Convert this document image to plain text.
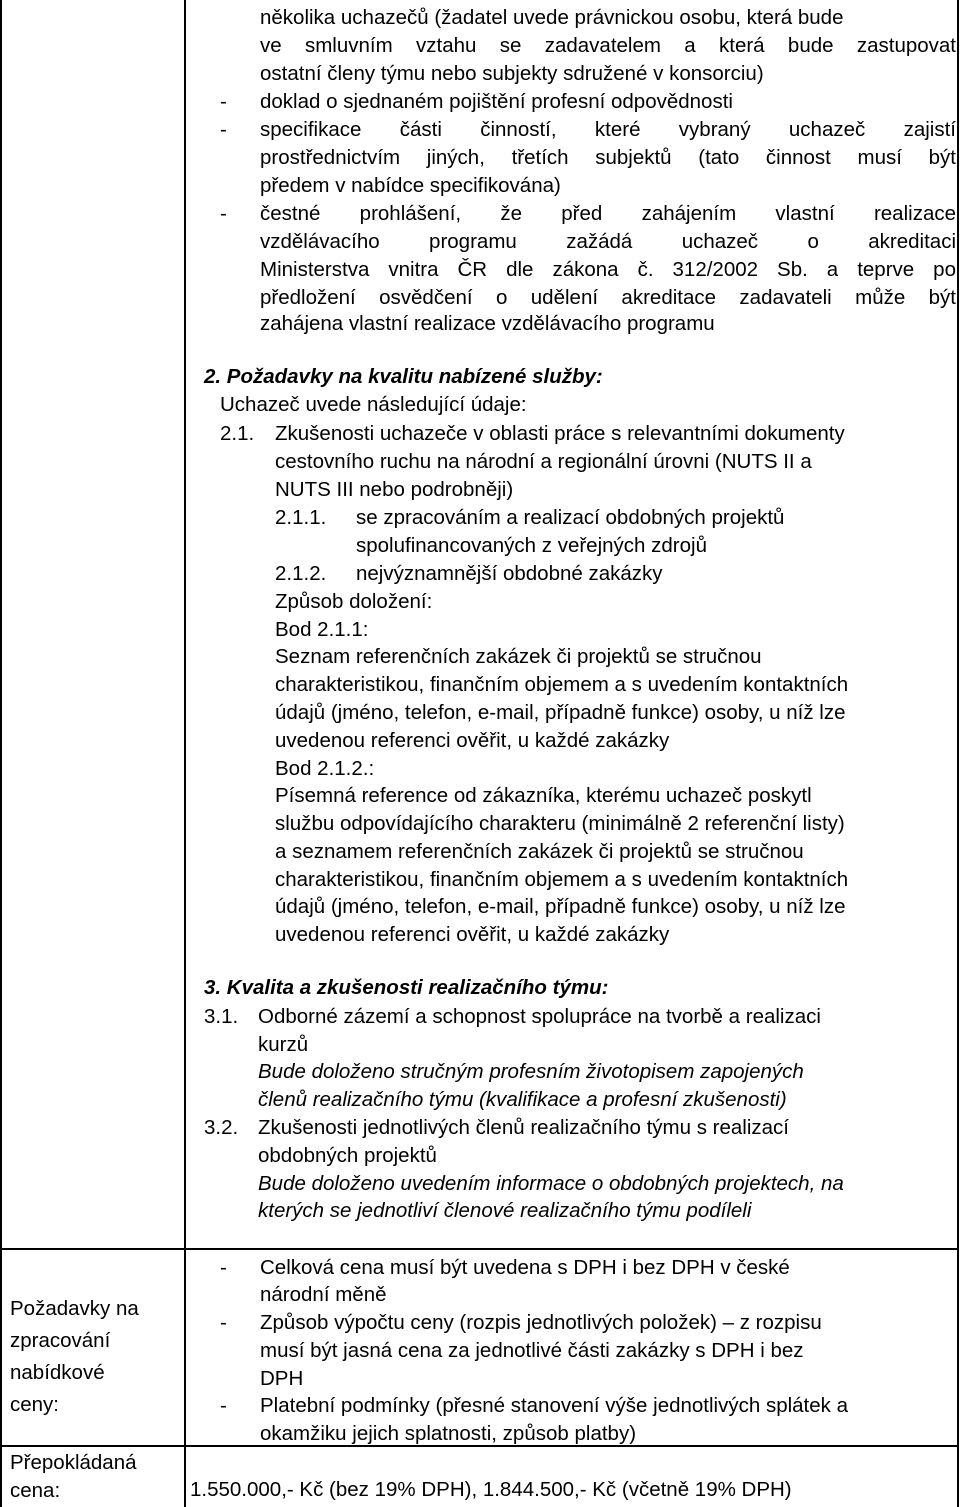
několika uchazečů (žadatel uvede právnickou osobu, která bude
ve smluvním vztahu se zadavatelem a která bude zastupovat
ostatní členy týmu nebo subjekty sdružené v konsorciu)
- doklad o sjednaném pojištění profesní odpovědnosti
- specifikace části činností, které vybraný uchazeč zajistí
prostřednictvím jiných, třetích subjektů (tato činnost musí být
předem v nabídce specifikována)
- čestné prohlášení, že před zahájením vlastní realizace
vzdělávacího programu zažádá uchazeč o akreditaci
Ministerstva vnitra ČR dle zákona č. 312/2002 Sb. a teprve po
předložení osvědčení o udělení akreditace zadavateli může být
zahájena vlastní realizace vzdělávacího programu
2. Požadavky na kvalitu nabízené služby:
Uchazeč uvede následující údaje:
2.1. Zkušenosti uchazeče v oblasti práce s relevantními dokumenty
cestovního ruchu na národní a regionální úrovni (NUTS II a
NUTS III nebo podrobněji)
2.1.1. se zpracováním a realizací obdobných projektů
spolufinancovaných z veřejných zdrojů
2.1.2. nejvýznamnější obdobné zakázky
Způsob doložení:
Bod 2.1.1:
Seznam referenčních zakázek či projektů se stručnou
charakteristikou, finančním objemem a s uvedením kontaktních
údajů (jméno, telefon, e-mail, případně funkce) osoby, u níž lze
uvedenou referenci ověřit, u každé zakázky
Bod 2.1.2.:
Písemná reference od zákazníka, kterému uchazeč poskytl
službu odpovídajícího charakteru (minimálně 2 referenční listy)
a seznamem referenčních zakázek či projektů se stručnou
charakteristikou, finančním objemem a s uvedením kontaktních
údajů (jméno, telefon, e-mail, případně funkce) osoby, u níž lze
uvedenou referenci ověřit, u každé zakázky
3. Kvalita a zkušenosti realizačního týmu:
3.1. Odborné zázemí a schopnost spolupráce na tvorbě a realizaci
kurzů
Bude doloženo stručným profesním životopisem zapojených
členů realizačního týmu (kvalifikace a profesní zkušenosti)
3.2. Zkušenosti jednotlivých členů realizačního týmu s realizací
obdobných projektů
Bude doloženo uvedením informace o obdobných projektech, na
kterých se jednotliví členové realizačního týmu podíleli
Požadavky na
zpracování
nabídkové
ceny:
- Celková cena musí být uvedena s DPH i bez DPH v české
národní měně
- Způsob výpočtu ceny (rozpis jednotlivých položek) – z rozpisu
musí být jasná cena za jednotlivé části zakázky s DPH i bez
DPH
- Platební podmínky (přesné stanovení výše jednotlivých splátek a
okamžiku jejich splatnosti, způsob platby)
Přepokládaná
cena:	1.550.000,- Kč (bez 19% DPH), 1.844.500,- Kč (včetně 19% DPH)
